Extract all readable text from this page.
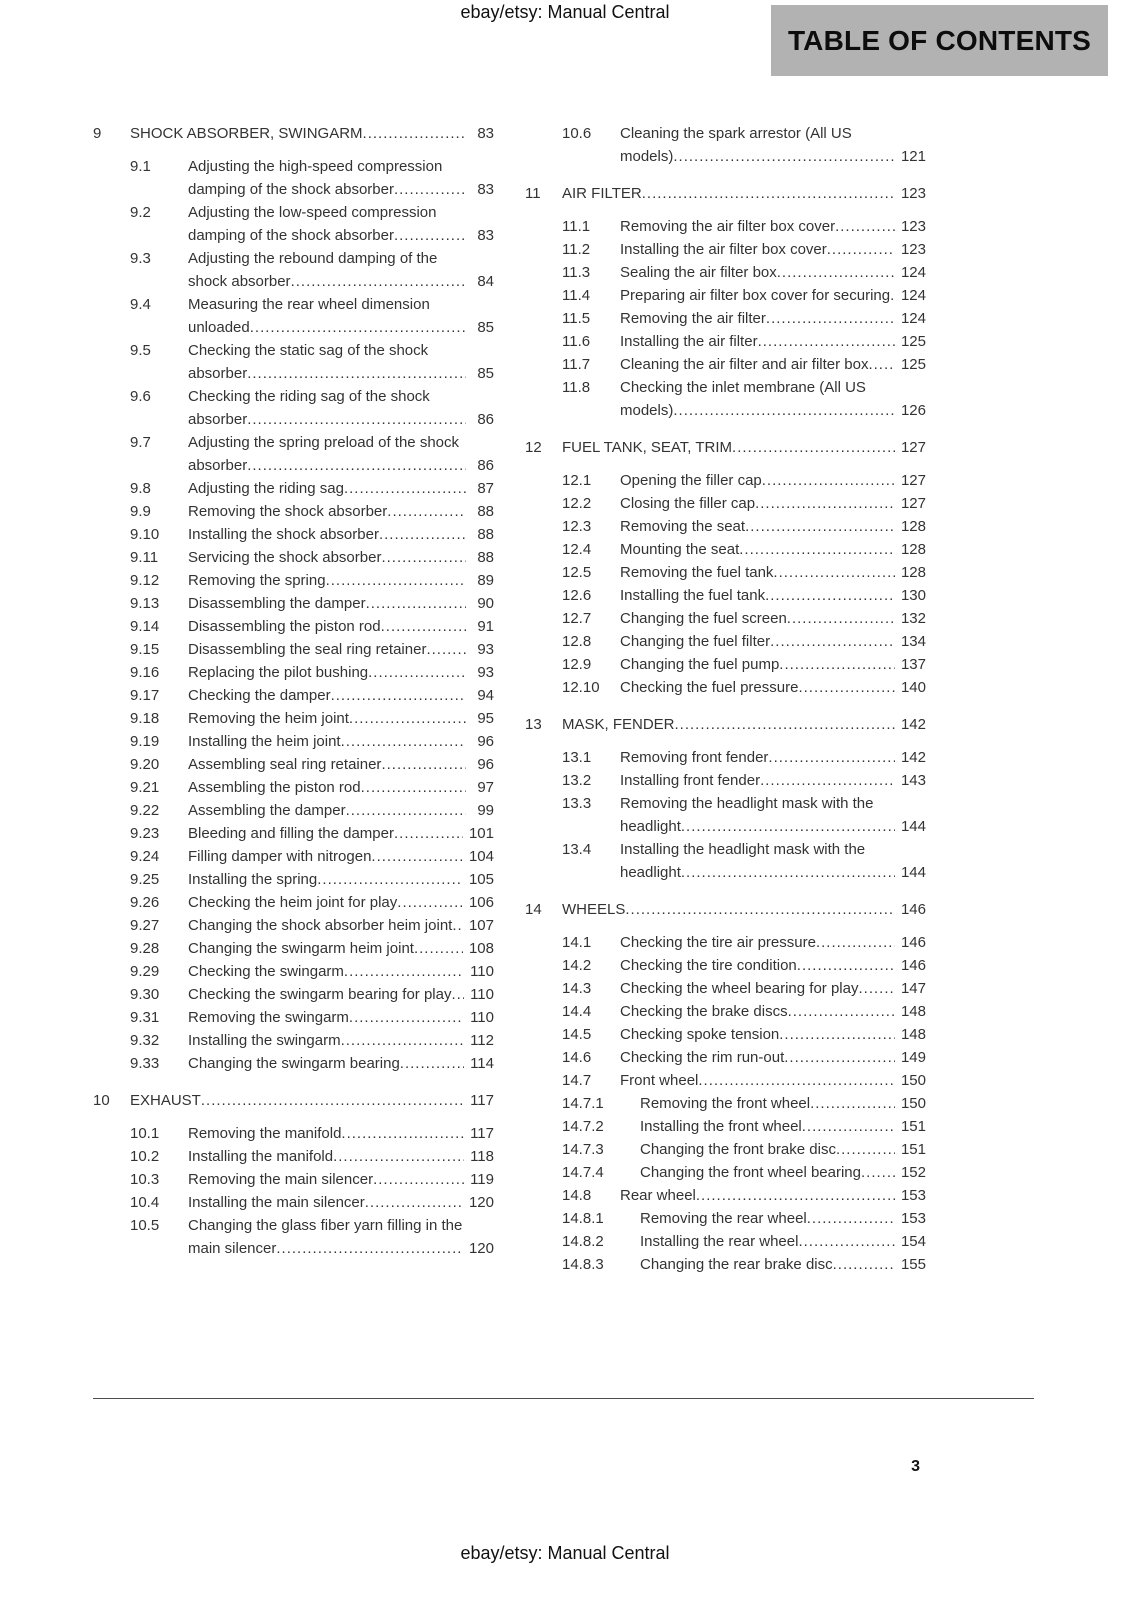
ebay/etsy: Manual Central
TABLE OF CONTENTS
9	SHOCK ABSORBER, SWINGARM .....	83
9.1	Adjusting the high-speed compression damping of the shock absorber .....	83
9.2	Adjusting the low-speed compression damping of the shock absorber .....	83
9.3	Adjusting the rebound damping of the shock absorber .....	84
9.4	Measuring the rear wheel dimension unloaded .....	85
9.5	Checking the static sag of the shock absorber .....	85
9.6	Checking the riding sag of the shock absorber .....	86
9.7	Adjusting the spring preload of the shock absorber .....	86
9.8	Adjusting the riding sag .....	87
9.9	Removing the shock absorber .....	88
9.10	Installing the shock absorber .....	88
9.11	Servicing the shock absorber .....	88
9.12	Removing the spring .....	89
9.13	Disassembling the damper .....	90
9.14	Disassembling the piston rod .....	91
9.15	Disassembling the seal ring retainer .....	93
9.16	Replacing the pilot bushing .....	93
9.17	Checking the damper .....	94
9.18	Removing the heim joint .....	95
9.19	Installing the heim joint .....	96
9.20	Assembling seal ring retainer .....	96
9.21	Assembling the piston rod .....	97
9.22	Assembling the damper .....	99
9.23	Bleeding and filling the damper .....	101
9.24	Filling damper with nitrogen .....	104
9.25	Installing the spring .....	105
9.26	Checking the heim joint for play .....	106
9.27	Changing the shock absorber heim joint .....	107
9.28	Changing the swingarm heim joint .....	108
9.29	Checking the swingarm .....	110
9.30	Checking the swingarm bearing for play .....	110
9.31	Removing the swingarm .....	110
9.32	Installing the swingarm .....	112
9.33	Changing the swingarm bearing .....	114
10	EXHAUST .....	117
10.1	Removing the manifold .....	117
10.2	Installing the manifold .....	118
10.3	Removing the main silencer .....	119
10.4	Installing the main silencer .....	120
10.5	Changing the glass fiber yarn filling in the main silencer .....	120
10.6	Cleaning the spark arrestor (All US models) .....	121
11	AIR FILTER .....	123
11.1	Removing the air filter box cover .....	123
11.2	Installing the air filter box cover .....	123
11.3	Sealing the air filter box .....	124
11.4	Preparing air filter box cover for securing ..... 124
11.5	Removing the air filter .....	124
11.6	Installing the air filter .....	125
11.7	Cleaning the air filter and air filter box .....	125
11.8	Checking the inlet membrane (All US models) .....	126
12	FUEL TANK, SEAT, TRIM .....	127
12.1	Opening the filler cap .....	127
12.2	Closing the filler cap .....	127
12.3	Removing the seat .....	128
12.4	Mounting the seat .....	128
12.5	Removing the fuel tank .....	128
12.6	Installing the fuel tank .....	130
12.7	Changing the fuel screen .....	132
12.8	Changing the fuel filter .....	134
12.9	Changing the fuel pump .....	137
12.10	Checking the fuel pressure .....	140
13	MASK, FENDER .....	142
13.1	Removing front fender .....	142
13.2	Installing front fender .....	143
13.3	Removing the headlight mask with the headlight .....	144
13.4	Installing the headlight mask with the headlight .....	144
14	WHEELS .....	146
14.1	Checking the tire air pressure .....	146
14.2	Checking the tire condition .....	146
14.3	Checking the wheel bearing for play .....	147
14.4	Checking the brake discs .....	148
14.5	Checking spoke tension .....	148
14.6	Checking the rim run-out .....	149
14.7	Front wheel .....	150
14.7.1	Removing the front wheel .....	150
14.7.2	Installing the front wheel .....	151
14.7.3	Changing the front brake disc .....	151
14.7.4	Changing the front wheel bearing .....	152
14.8	Rear wheel .....	153
14.8.1	Removing the rear wheel .....	153
14.8.2	Installing the rear wheel .....	154
14.8.3	Changing the rear brake disc .....	155
3
ebay/etsy: Manual Central
